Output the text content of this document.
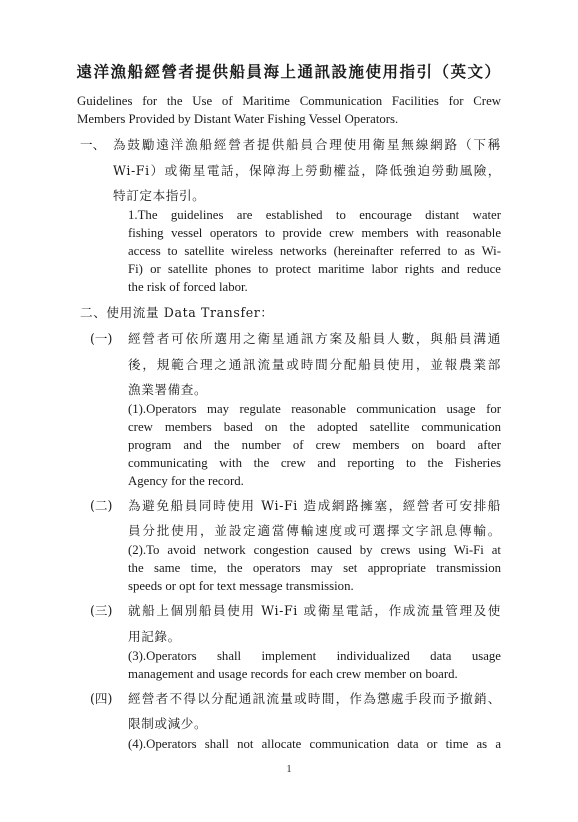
遠洋漁船經營者提供船員海上通訊設施使用指引（英文）
Guidelines for the Use of Maritime Communication Facilities for Crew
Members Provided by Distant Water Fishing Vessel Operators.
一、 為鼓勵遠洋漁船經營者提供船員合理使用衛星無線網路（下稱
Wi-Fi）或衛星電話，保障海上勞動權益，降低強迫勞動風險，
特訂定本指引。
1.The guidelines are established to encourage distant water
fishing vessel operators to provide crew members with reasonable
access to satellite wireless networks (hereinafter referred to as Wi-
Fi) or satellite phones to protect maritime labor rights and reduce
the risk of forced labor.
二、使用流量 Data Transfer：
(一) 經營者可依所選用之衛星通訊方案及船員人數，與船員溝通
後，規範合理之通訊流量或時間分配船員使用，並報農業部
漁業署備查。
(1).Operators may regulate reasonable communication usage for
crew members based on the adopted satellite communication
program and the number of crew members on board after
communicating with the crew and reporting to the Fisheries
Agency for the record.
(二) 為避免船員同時使用 Wi-Fi 造成網路擁塞，經營者可安排船
員分批使用，並設定適當傳輸速度或可選擇文字訊息傳輸。
(2).To avoid network congestion caused by crews using Wi-Fi at
the same time, the operators may set appropriate transmission
speeds or opt for text message transmission.
(三) 就船上個別船員使用 Wi-Fi 或衛星電話，作成流量管理及使
用記錄。
(3).Operators shall implement individualized data usage
management and usage records for each crew member on board.
(四) 經營者不得以分配通訊流量或時間，作為懲處手段而予撤銷、
限制或減少。
(4).Operators shall not allocate communication data or time as a
1
